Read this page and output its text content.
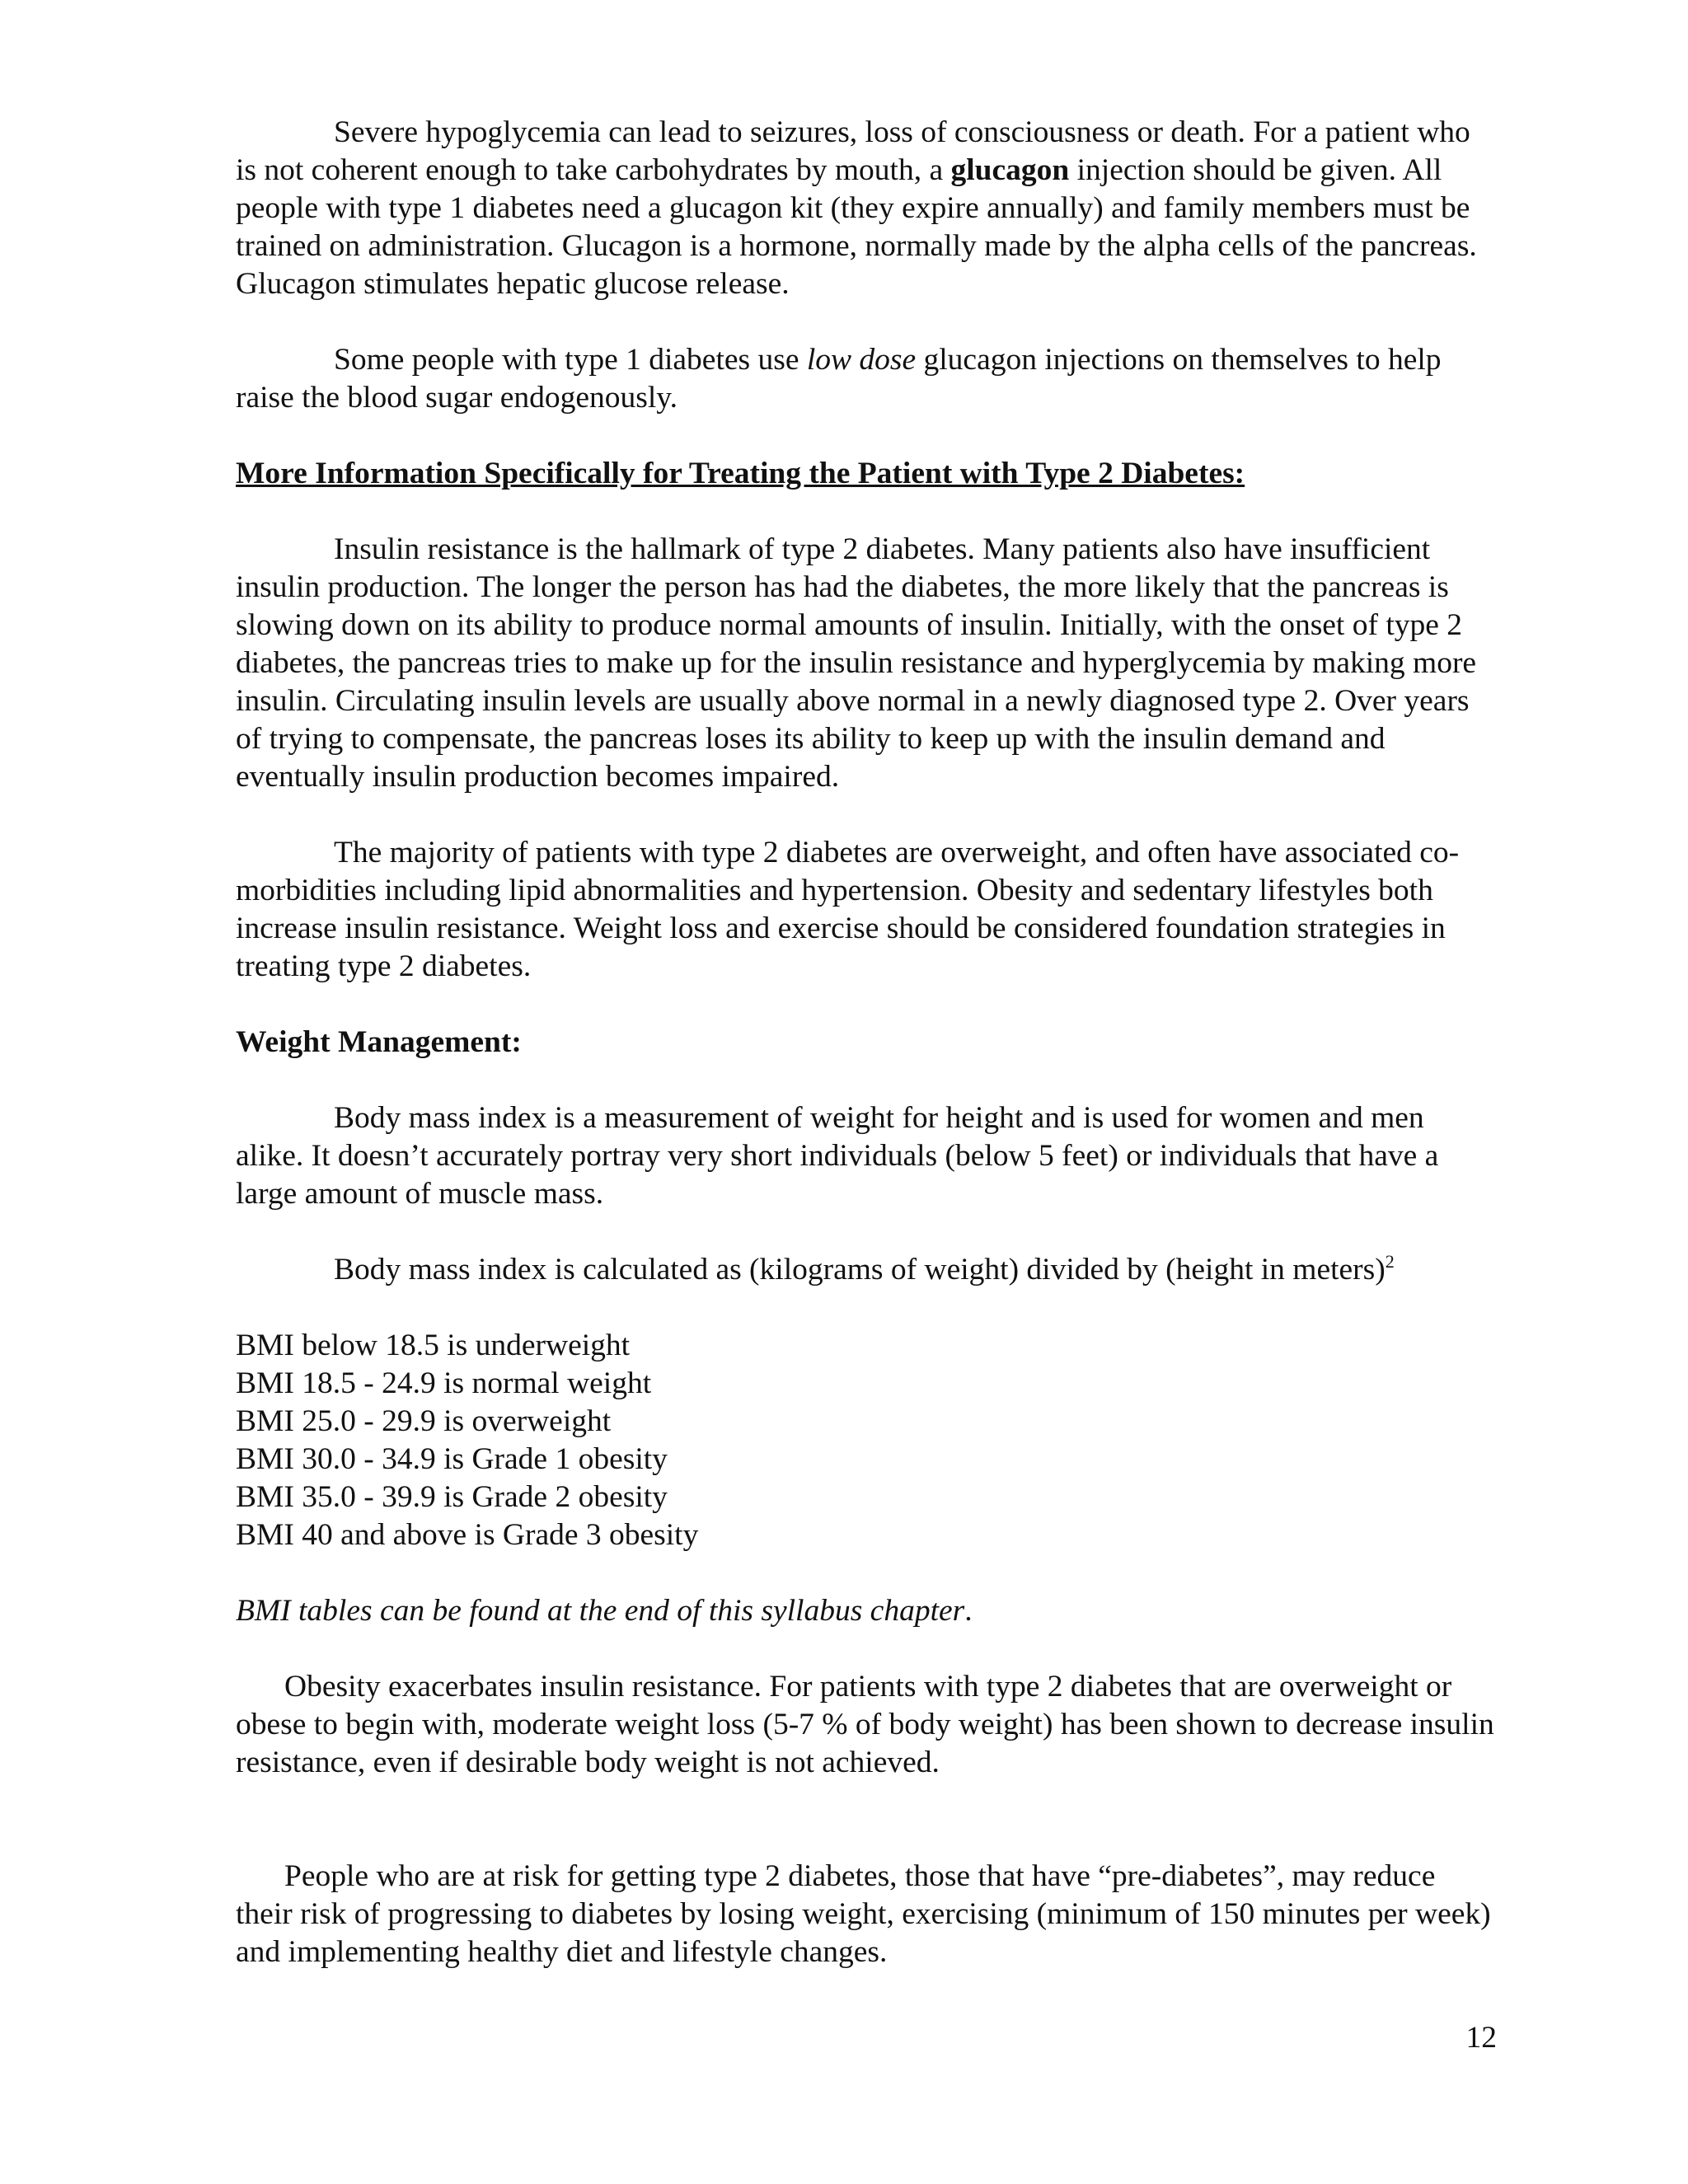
Severe hypoglycemia can lead to seizures, loss of consciousness or death. For a patient who is not coherent enough to take carbohydrates by mouth, a glucagon injection should be given. All people with type 1 diabetes need a glucagon kit (they expire annually) and family members must be trained on administration. Glucagon is a hormone, normally made by the alpha cells of the pancreas. Glucagon stimulates hepatic glucose release.

Some people with type 1 diabetes use low dose glucagon injections on themselves to help raise the blood sugar endogenously.

More Information Specifically for Treating the Patient with Type 2 Diabetes:

Insulin resistance is the hallmark of type 2 diabetes. Many patients also have insufficient insulin production. The longer the person has had the diabetes, the more likely that the pancreas is slowing down on its ability to produce normal amounts of insulin. Initially, with the onset of type 2 diabetes, the pancreas tries to make up for the insulin resistance and hyperglycemia by making more insulin. Circulating insulin levels are usually above normal in a newly diagnosed type 2. Over years of trying to compensate, the pancreas loses its ability to keep up with the insulin demand and eventually insulin production becomes impaired.

The majority of patients with type 2 diabetes are overweight, and often have associated co-morbidities including lipid abnormalities and hypertension. Obesity and sedentary lifestyles both increase insulin resistance. Weight loss and exercise should be considered foundation strategies in treating type 2 diabetes.

Weight Management:

Body mass index is a measurement of weight for height and is used for women and men alike. It doesn’t accurately portray very short individuals (below 5 feet) or individuals that have a large amount of muscle mass.

Body mass index is calculated as (kilograms of weight) divided by (height in meters)$^2$

BMI below 18.5 is underweight
BMI 18.5 - 24.9 is normal weight
BMI 25.0 - 29.9 is overweight
BMI 30.0 - 34.9 is Grade 1 obesity
BMI 35.0 - 39.9 is Grade 2 obesity
BMI 40 and above is Grade 3 obesity

BMI tables can be found at the end of this syllabus chapter.

Obesity exacerbates insulin resistance. For patients with type 2 diabetes that are overweight or obese to begin with, moderate weight loss (5-7 % of body weight) has been shown to decrease insulin resistance, even if desirable body weight is not achieved.

People who are at risk for getting type 2 diabetes, those that have “pre-diabetes”, may reduce their risk of progressing to diabetes by losing weight, exercising (minimum of 150 minutes per week) and implementing healthy diet and lifestyle changes.

12
